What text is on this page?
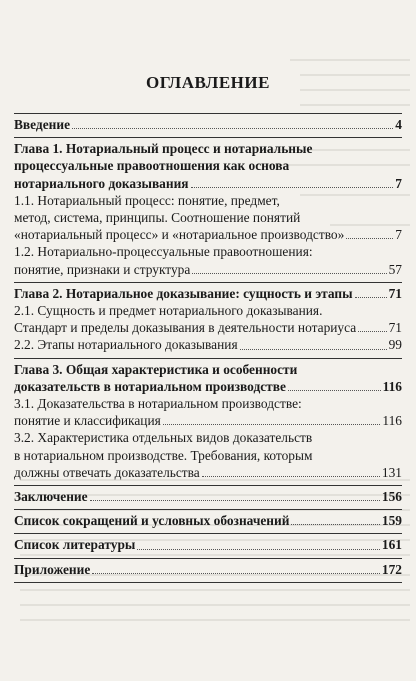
ОГЛАВЛЕНИЕ
Введение	4
Глава 1. Нотариальный процесс и нотариальные
процессуальные правоотношения как основа
нотариального доказывания	7
1.1. Нотариальный процесс: понятие, предмет,
метод, система, принципы. Соотношение понятий
«нотариальный процесс» и «нотариальное производство»	7
1.2. Нотариально-процессуальные правоотношения:
понятие, признаки и структура	57
Глава 2. Нотариальное доказывание: сущность и этапы	71
2.1. Сущность и предмет нотариального доказывания.
Стандарт и пределы доказывания в деятельности нотариуса 71
2.2. Этапы нотариального доказывания	99
Глава 3. Общая характеристика и особенности
доказательств в нотариальном производстве	116
3.1. Доказательства в нотариальном производстве:
понятие и классификация	116
3.2. Характеристика отдельных видов доказательств
в нотариальном производстве. Требования, которым
должны отвечать доказательства	131
Заключение	156
Список сокращений и условных обозначений	159
Список литературы	161
Приложение	172
